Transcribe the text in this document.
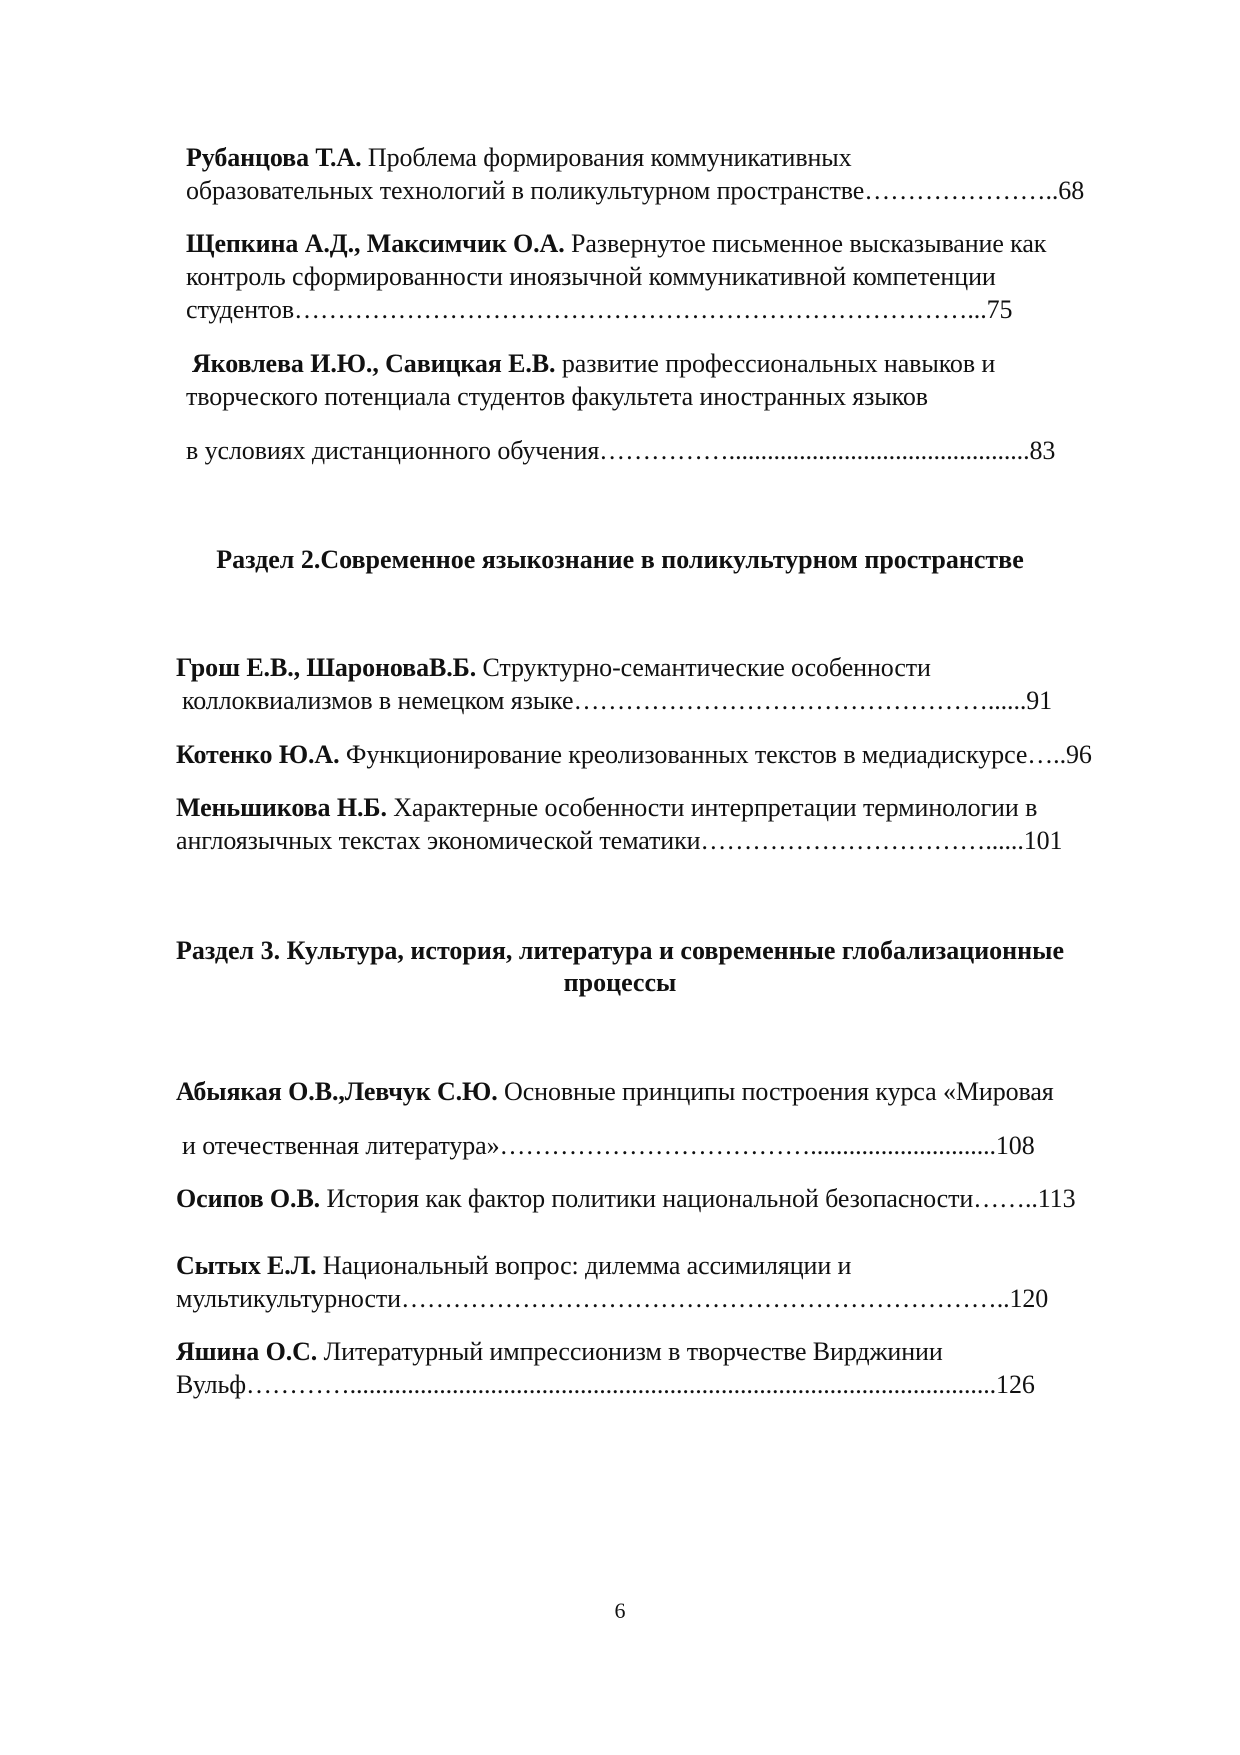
Рубанцова Т.А. Проблема формирования коммуникативных
образовательных технологий в поликультурном пространстве…………………..68
Щепкина А.Д., Максимчик О.А. Развернутое письменное высказывание как
контроль сформированности иноязычной коммуникативной компетенции
студентов……………………………………………………………………...75
Яковлева И.Ю., Савицкая Е.В. развитие профессиональных навыков и
творческого потенциала студентов факультета иностранных языков
в условиях дистанционного обучения……………...............................................83
Раздел 2.Современное языкознание в поликультурном пространстве
Грош Е.В., ШароноваВ.Б. Структурно-семантические особенности
коллоквиализмов в немецком языке…………………………………………......91
Котенко Ю.А. Функционирование креолизованных текстов в медиадискурсе…..96
Меньшикова Н.Б. Характерные особенности интерпретации терминологии в
англоязычных текстах экономической тематики……………………………......101
Раздел 3. Культура, история, литература и современные глобализационные
процессы
Абыякая О.В.,Левчук С.Ю. Основные принципы построения курса «Мировая
и отечественная литература»……………………………….............................108
Осипов О.В. История как фактор политики национальной безопасности……..113
Сытых Е.Л. Национальный вопрос: дилемма ассимиляции и
мультикультурности……………………………………………………………..120
Яшина О.С. Литературный импрессионизм в творчестве Вирджинии
Вульф………….....................................................................................................126
6
